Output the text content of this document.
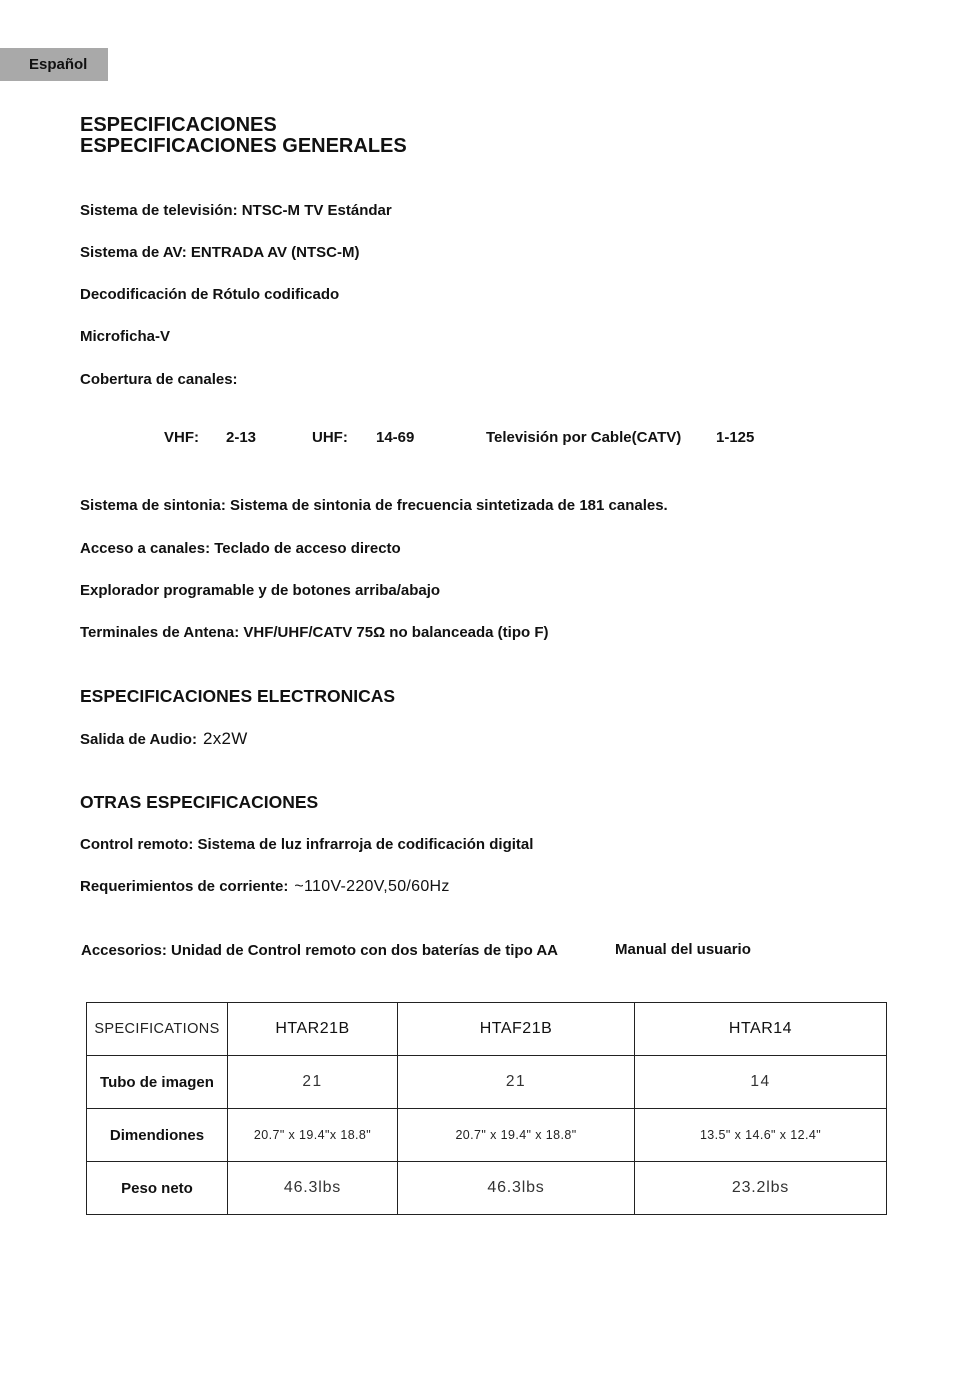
Español
ESPECIFICACIONES
ESPECIFICACIONES GENERALES
Sistema de televisión: NTSC-M TV Estándar
Sistema de AV: ENTRADA AV (NTSC-M)
Decodificación de Rótulo codificado
Microficha-V
Cobertura de canales:
VHF: 2-13	UHF: 14-69	Televisión por Cable(CATV) 1-125
Sistema de sintonia: Sistema de sintonia de frecuencia sintetizada de 181 canales.
Acceso a canales: Teclado de acceso directo
Explorador programable y de botones arriba/abajo
Terminales de Antena: VHF/UHF/CATV 75Ω no balanceada (tipo F)
ESPECIFICACIONES ELECTRONICAS
Salida de Audio: 2x2W
OTRAS ESPECIFICACIONES
Control remoto: Sistema de luz infrarroja de codificación digital
Requerimientos de corriente: ~110V-220V,50/60Hz
Accesorios: Unidad de Control remoto con dos baterías de tipo AA	Manual del usuario
SPECIFICATIONS	HTAR21B	HTAF21B	HTAR14
Tubo de imagen	21	21	14
Dimendiones	20.7" x 19.4"x 18.8"	20.7" x 19.4" x 18.8"	13.5" x 14.6" x 12.4"
Peso neto	46.3lbs	46.3lbs	23.2lbs
